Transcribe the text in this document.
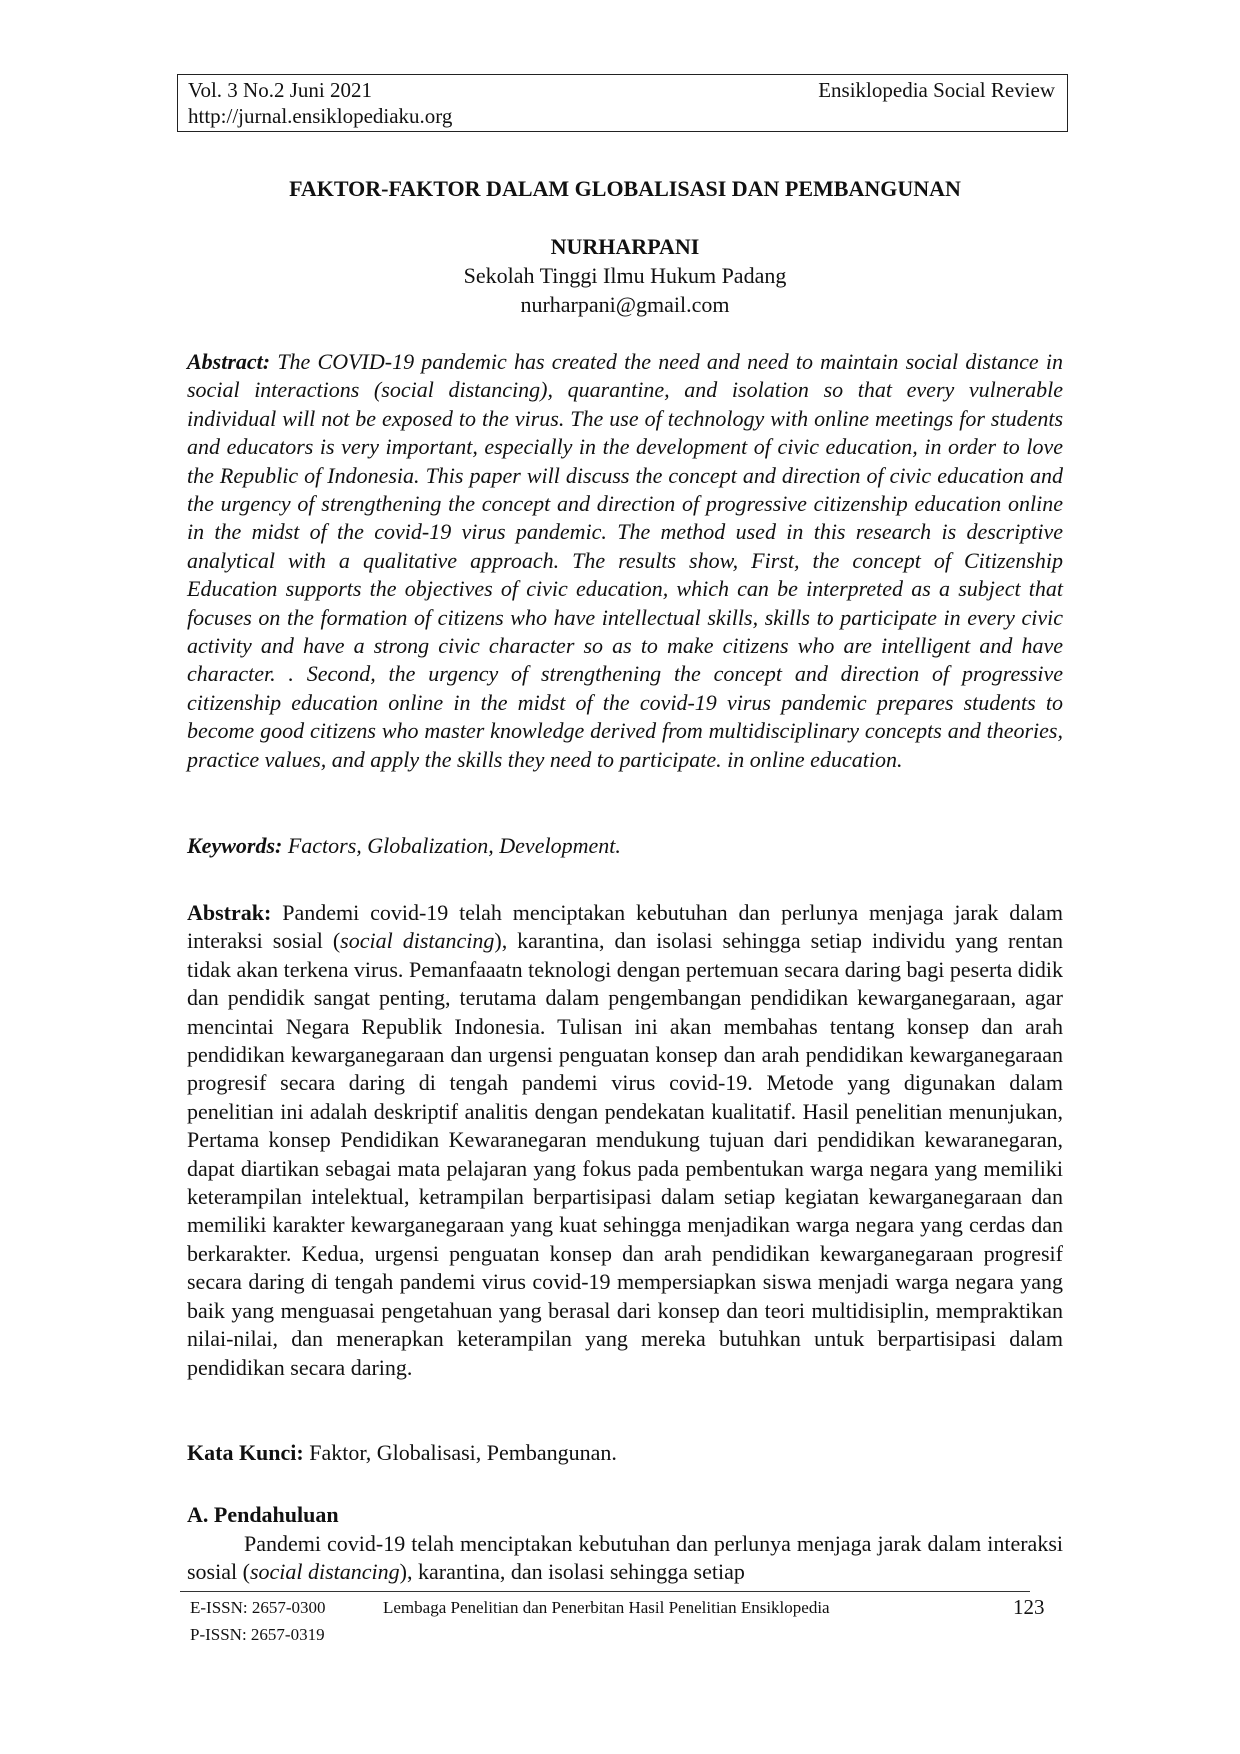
Vol. 3 No.2 Juni 2021
http://jurnal.ensiklopediaku.org
Ensiklopedia Social Review
FAKTOR-FAKTOR DALAM GLOBALISASI DAN PEMBANGUNAN
NURHARPANI
Sekolah Tinggi Ilmu Hukum Padang
nurharpani@gmail.com
Abstract: The COVID-19 pandemic has created the need and need to maintain social distance in social interactions (social distancing), quarantine, and isolation so that every vulnerable individual will not be exposed to the virus. The use of technology with online meetings for students and educators is very important, especially in the development of civic education, in order to love the Republic of Indonesia. This paper will discuss the concept and direction of civic education and the urgency of strengthening the concept and direction of progressive citizenship education online in the midst of the covid-19 virus pandemic. The method used in this research is descriptive analytical with a qualitative approach. The results show, First, the concept of Citizenship Education supports the objectives of civic education, which can be interpreted as a subject that focuses on the formation of citizens who have intellectual skills, skills to participate in every civic activity and have a strong civic character so as to make citizens who are intelligent and have character. . Second, the urgency of strengthening the concept and direction of progressive citizenship education online in the midst of the covid-19 virus pandemic prepares students to become good citizens who master knowledge derived from multidisciplinary concepts and theories, practice values, and apply the skills they need to participate. in online education.
Keywords: Factors, Globalization, Development.
Abstrak: Pandemi covid-19 telah menciptakan kebutuhan dan perlunya menjaga jarak dalam interaksi sosial (social distancing), karantina, dan isolasi sehingga setiap individu yang rentan tidak akan terkena virus. Pemanfaaatn teknologi dengan pertemuan secara daring bagi peserta didik dan pendidik sangat penting, terutama dalam pengembangan pendidikan kewarganegaraan, agar mencintai Negara Republik Indonesia. Tulisan ini akan membahas tentang konsep dan arah pendidikan kewarganegaraan dan urgensi penguatan konsep dan arah pendidikan kewarganegaraan progresif secara daring di tengah pandemi virus covid-19. Metode yang digunakan dalam penelitian ini adalah deskriptif analitis dengan pendekatan kualitatif. Hasil penelitian menunjukan, Pertama konsep Pendidikan Kewaranegaran mendukung tujuan dari pendidikan kewaranegaran, dapat diartikan sebagai mata pelajaran yang fokus pada pembentukan warga negara yang memiliki keterampilan intelektual, ketrampilan berpartisipasi dalam setiap kegiatan kewarganegaraan dan memiliki karakter kewarganegaraan yang kuat sehingga menjadikan warga negara yang cerdas dan berkarakter. Kedua, urgensi penguatan konsep dan arah pendidikan kewarganegaraan progresif secara daring di tengah pandemi virus covid-19 mempersiapkan siswa menjadi warga negara yang baik yang menguasai pengetahuan yang berasal dari konsep dan teori multidisiplin, mempraktikan nilai-nilai, dan menerapkan keterampilan yang mereka butuhkan untuk berpartisipasi dalam pendidikan secara daring.
Kata Kunci: Faktor, Globalisasi, Pembangunan.
A. Pendahuluan
Pandemi covid-19 telah menciptakan kebutuhan dan perlunya menjaga jarak dalam interaksi sosial (social distancing), karantina, dan isolasi sehingga setiap
E-ISSN: 2657-0300
P-ISSN: 2657-0319
Lembaga Penelitian dan Penerbitan Hasil Penelitian Ensiklopedia	123
